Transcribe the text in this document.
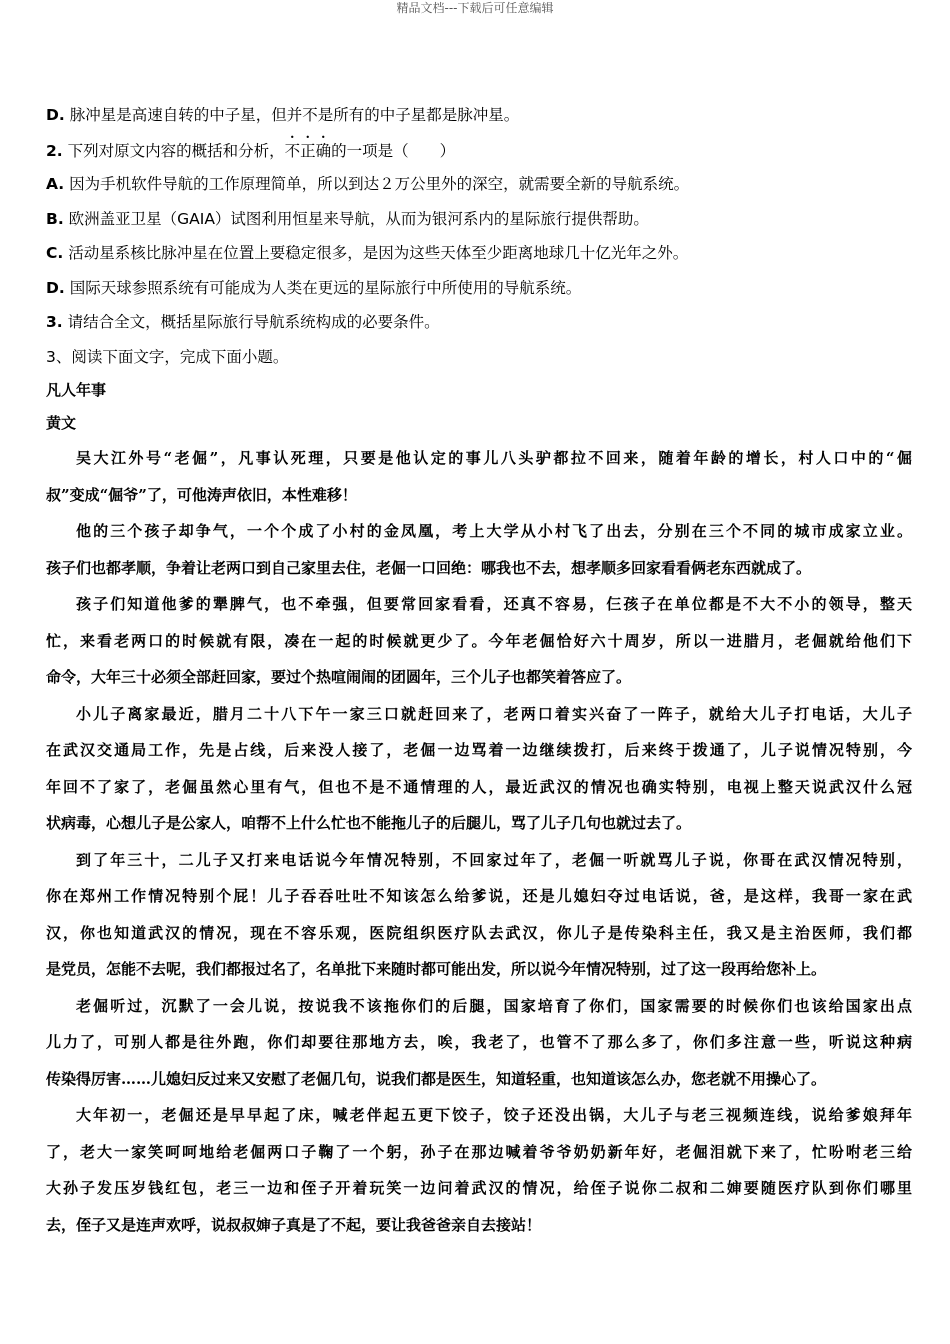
精品文档---下载后可任意编辑
D. 脉冲星是高速自转的中子星，但并不是所有的中子星都是脉冲星。
2. 下列对原文内容的概括和分析，不正确的一项是（　　）
A. 因为手机软件导航的工作原理简单，所以到达２万公里外的深空，就需要全新的导航系统。
B. 欧洲盖亚卫星（GAIA）试图利用恒星来导航，从而为银河系内的星际旅行提供帮助。
C. 活动星系核比脉冲星在位置上要稳定很多，是因为这些天体至少距离地球几十亿光年之外。
D. 国际天球参照系统有可能成为人类在更远的星际旅行中所使用的导航系统。
3. 请结合全文，概括星际旅行导航系统构成的必要条件。
3、阅读下面文字，完成下面小题。
凡人年事
黄文
吴大江外号“老倔”，凡事认死理，只要是他认定的事儿八头驴都拉不回来，随着年龄的增长，村人口中的“倔
叔”变成“倔爷”了，可他涛声依旧，本性难移！
他的三个孩子却争气，一个个成了小村的金凤凰，考上大学从小村飞了出去，分别在三个不同的城市成家立业。
孩子们也都孝顺，争着让老两口到自己家里去住，老倔一口回绝：哪我也不去，想孝顺多回家看看俩老东西就成了。
孩子们知道他爹的犟脾气，也不牵强，但要常回家看看，还真不容易，仨孩子在单位都是不大不小的领导，整天
忙，来看老两口的时候就有限，凑在一起的时候就更少了。今年老倔恰好六十周岁，所以一进腊月，老倔就给他们下
命令，大年三十必须全部赶回家，要过个热喧闹闹的团圆年，三个儿子也都笑着答应了。
小儿子离家最近，腊月二十八下午一家三口就赶回来了，老两口着实兴奋了一阵子，就给大儿子打电话，大儿子
在武汉交通局工作，先是占线，后来没人接了，老倔一边骂着一边继续拨打，后来终于拨通了，儿子说情况特别，今
年回不了家了，老倔虽然心里有气，但也不是不通情理的人，最近武汉的情况也确实特别，电视上整天说武汉什么冠
状病毒，心想儿子是公家人，咱帮不上什么忙也不能拖儿子的后腿儿，骂了儿子几句也就过去了。
到了年三十，二儿子又打来电话说今年情况特别，不回家过年了，老倔一听就骂儿子说，你哥在武汉情况特别，
你在郑州工作情况特别个屁！儿子吞吞吐吐不知该怎么给爹说，还是儿媳妇夺过电话说，爸，是这样，我哥一家在武
汉，你也知道武汉的情况，现在不容乐观，医院组织医疗队去武汉，你儿子是传染科主任，我又是主治医师，我们都
是党员，怎能不去呢，我们都报过名了，名单批下来随时都可能出发，所以说今年情况特别，过了这一段再给您补上。
老倔听过，沉默了一会儿说，按说我不该拖你们的后腿，国家培育了你们，国家需要的时候你们也该给国家出点
儿力了，可别人都是往外跑，你们却要往那地方去，唉，我老了，也管不了那么多了，你们多注意一些，听说这种病
传染得厉害……儿媳妇反过来又安慰了老倔几句，说我们都是医生，知道轻重，也知道该怎么办，您老就不用操心了。
大年初一，老倔还是早早起了床，喊老伴起五更下饺子，饺子还没出锅，大儿子与老三视频连线，说给爹娘拜年
了，老大一家笑呵呵地给老倔两口子鞠了一个躬，孙子在那边喊着爷爷奶奶新年好，老倔泪就下来了，忙吩咐老三给
大孙子发压岁钱红包，老三一边和侄子开着玩笑一边问着武汉的情况，给侄子说你二叔和二婶要随医疗队到你们哪里
去，侄子又是连声欢呼，说叔叔婶子真是了不起，要让我爸爸亲自去接站！
